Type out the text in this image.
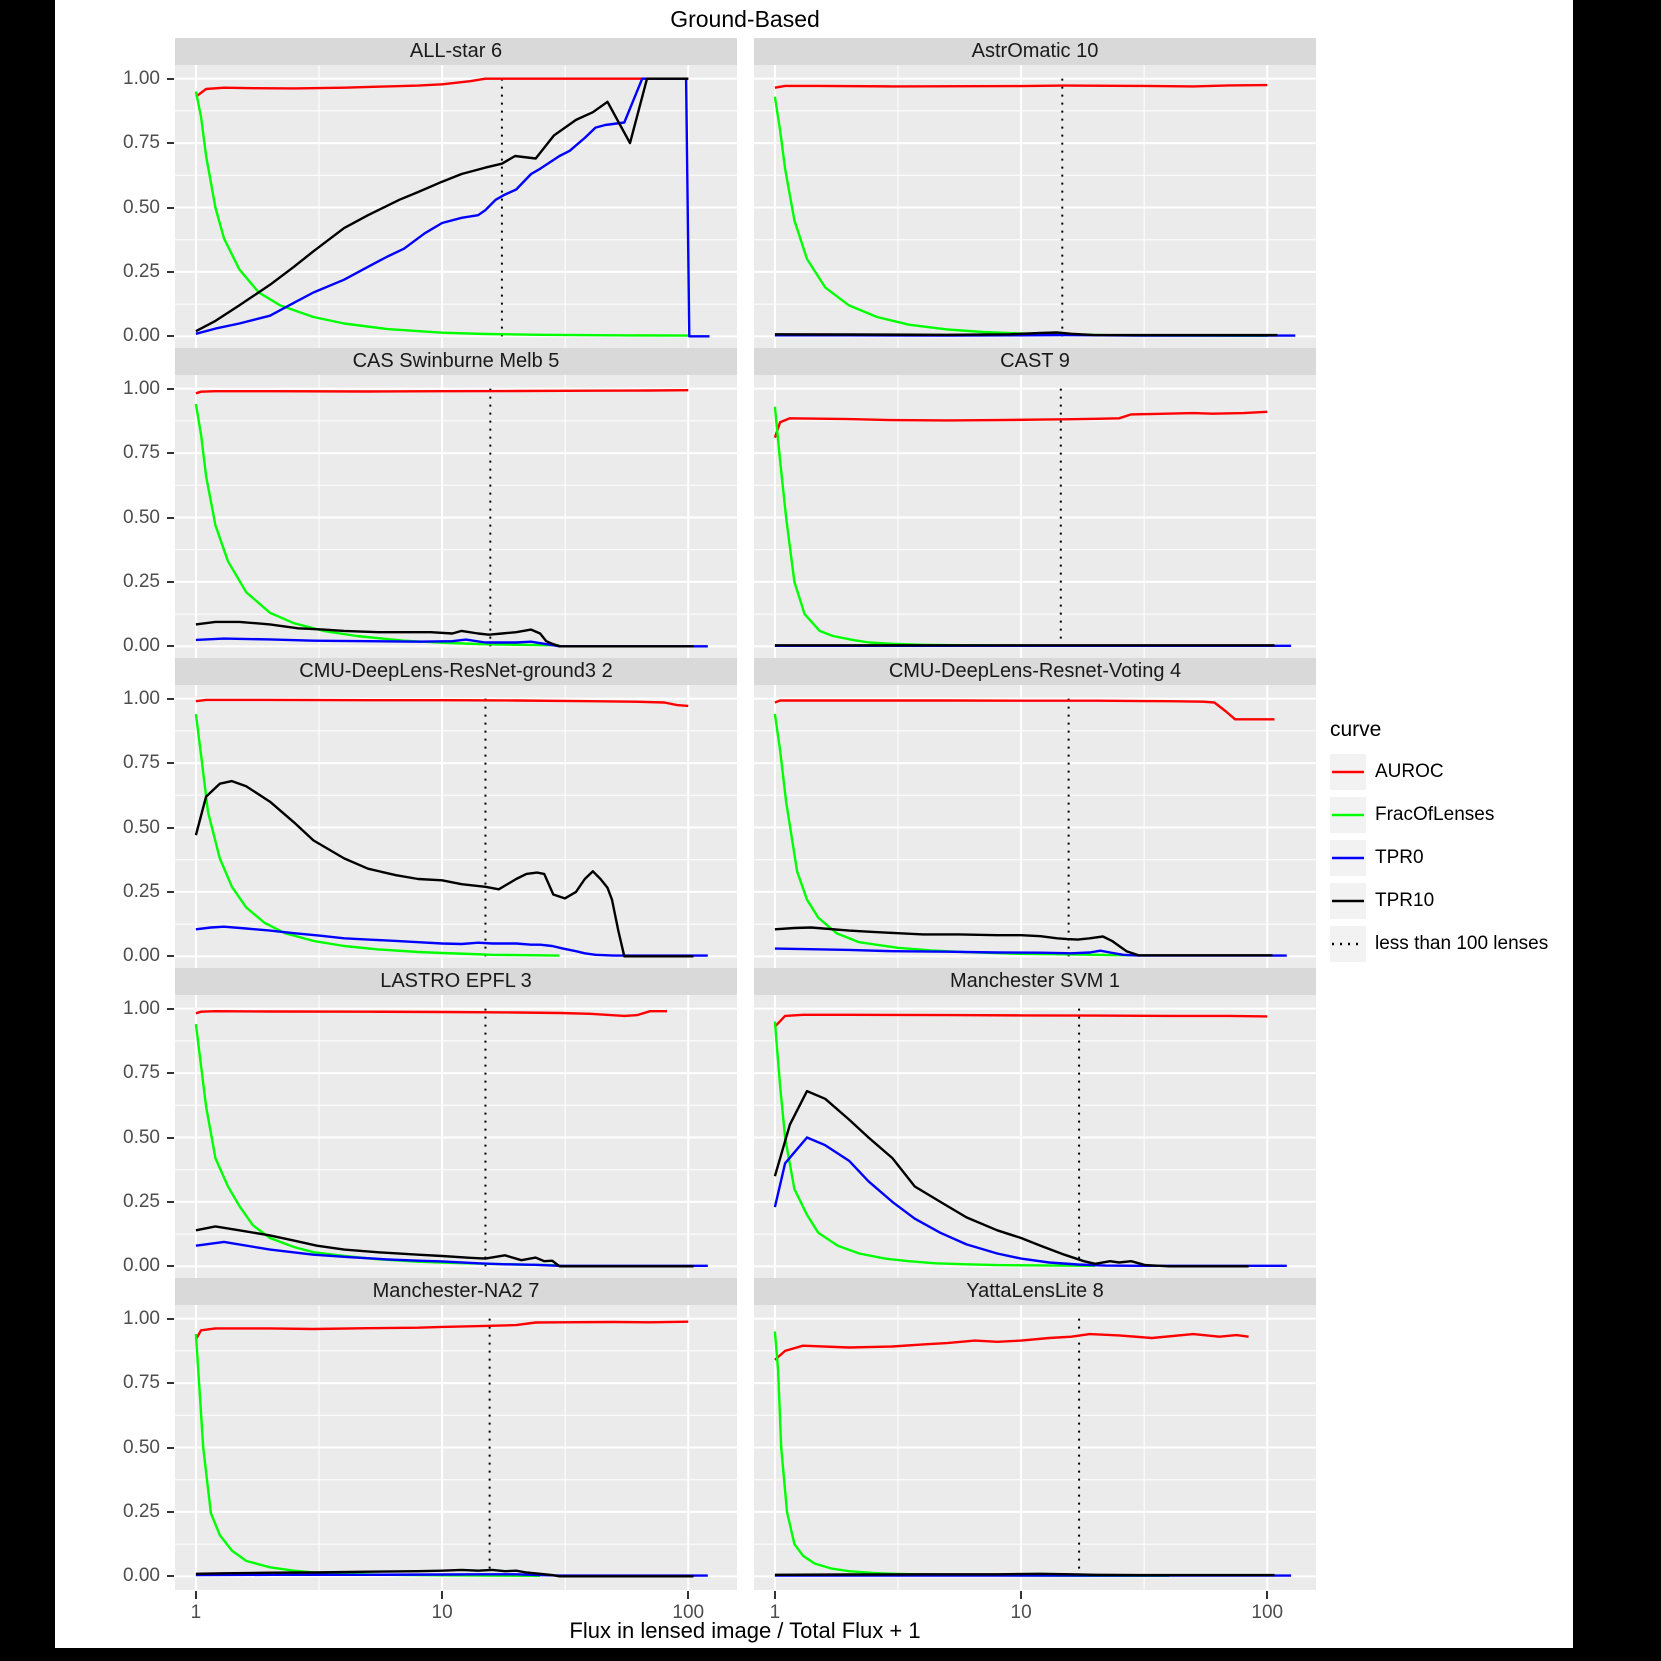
Ground-Based
ALL-star 6	AstrOmatic 10
CAS Swinburne Melb 5	CAST 9
CMU-DeepLens-ResNet-ground3 2	CMU-DeepLens-Resnet-Voting 4
LASTRO EPFL 3	Manchester SVM 1
Manchester-NA2 7	YattaLensLite 8
1.00
0.75
0.50
0.25
0.00
1.00
0.75
0.50
0.25
0.00
1.00
0.75
0.50
0.25
0.00
1.00
0.75
0.50
0.25
0.00
1.00
0.75
0.50
0.25
0.00
1	10	100	1	10	100
Flux in lensed image / Total Flux + 1
curve
AUROC
FracOfLenses
TPR0
TPR10
less than 100 lenses
